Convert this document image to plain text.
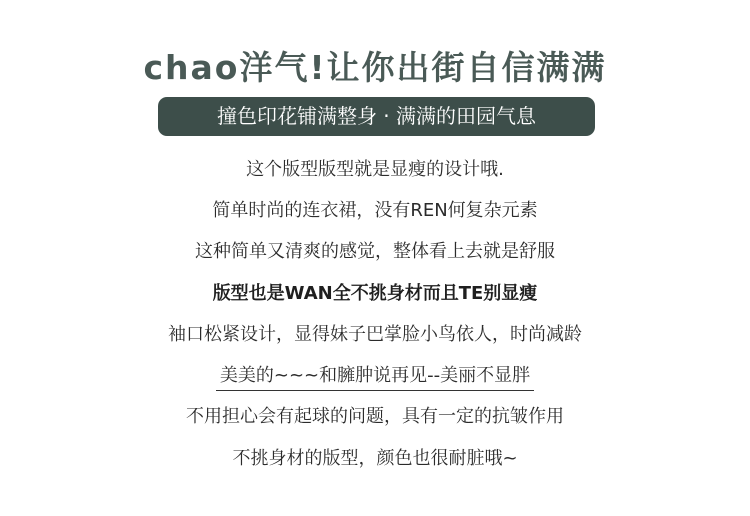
chao洋气!让你出街自信满满
撞色印花铺满整身 · 满满的田园气息
这个版型版型就是显瘦的设计哦.
简单时尚的连衣裙，没有REN何复杂元素
这种简单又清爽的感觉，整体看上去就是舒服
版型也是WAN全不挑身材而且TE别显瘦
袖口松紧设计，显得妹子巴掌脸小鸟依人，时尚减龄
美美的~~~和臃肿说再见--美丽不显胖
不用担心会有起球的问题，具有一定的抗皱作用
不挑身材的版型，颜色也很耐脏哦~
